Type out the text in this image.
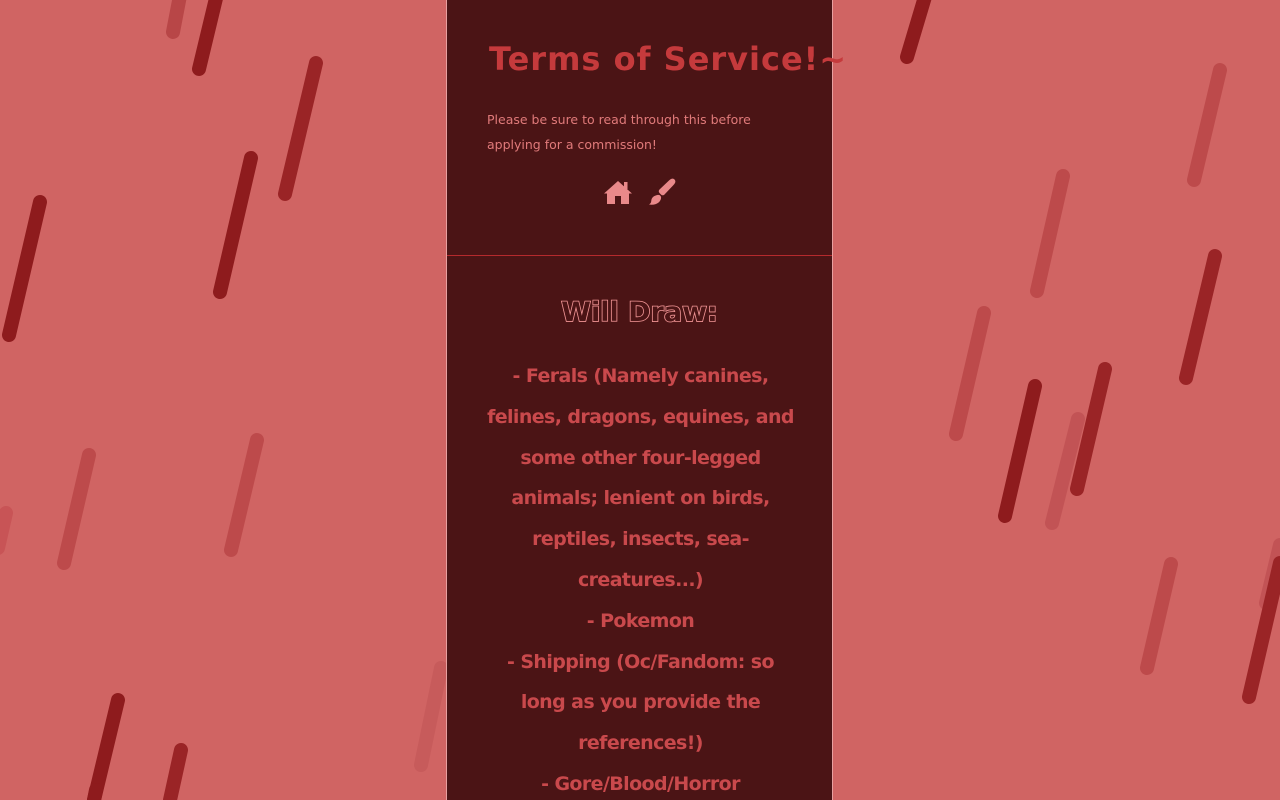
Terms of Service!~

Please be sure to read through this before applying for a commission!

Will Draw:
- Ferals (Namely canines, felines, dragons, equines, and some other four-legged animals; lenient on birds, reptiles, insects, sea-creatures...)
- Pokemon
- Shipping (Oc/Fandom: so long as you provide the references!)
- Gore/Blood/Horror
